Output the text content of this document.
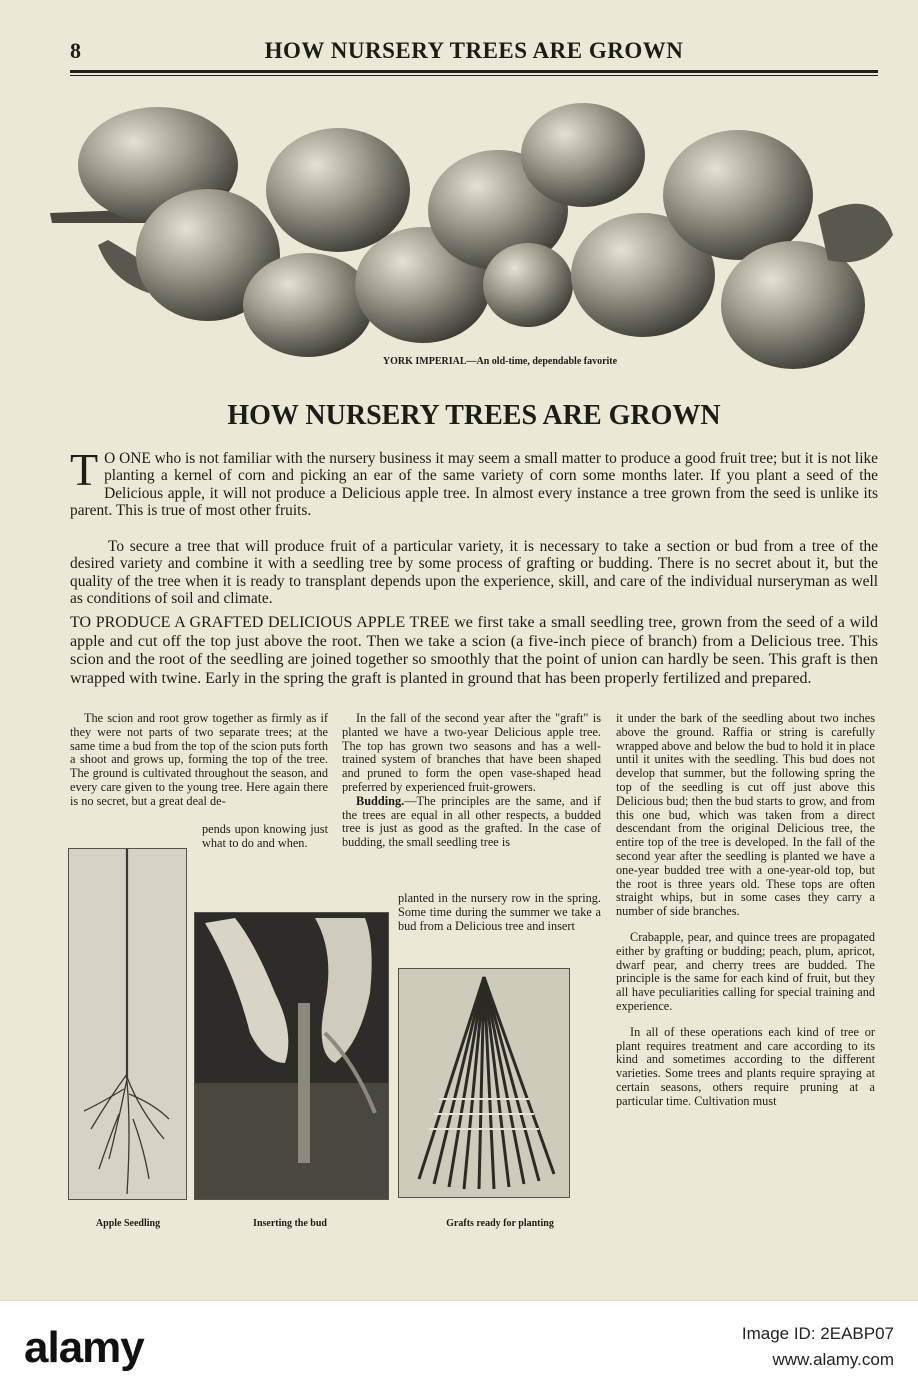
8	HOW NURSERY TREES ARE GROWN
YORK IMPERIAL—An old-time, dependable favorite
HOW NURSERY TREES ARE GROWN
T O ONE who is not familiar with the nursery business it may seem a small matter to produce a good fruit tree; but it is not like planting a kernel of corn and picking an ear of the same variety of corn some months later. If you plant a seed of the Delicious apple, it will not produce a Delicious apple tree. In almost every instance a tree grown from the seed is unlike its parent. This is true of most other fruits.
To secure a tree that will produce fruit of a particular variety, it is necessary to take a section or bud from a tree of the desired variety and combine it with a seedling tree by some process of grafting or budding. There is no secret about it, but the quality of the tree when it is ready to transplant depends upon the experience, skill, and care of the individual nurseryman as well as conditions of soil and climate.
TO PRODUCE A GRAFTED DELICIOUS APPLE TREE we first take a small seedling tree, grown from the seed of a wild apple and cut off the top just above the root. Then we take a scion (a five-inch piece of branch) from a Delicious tree. This scion and the root of the seedling are joined together so smoothly that the point of union can hardly be seen. This graft is then wrapped with twine. Early in the spring the graft is planted in ground that has been properly fertilized and prepared.
The scion and root grow together as firmly as if they were not parts of two separate trees; at the same time a bud from the top of the scion puts forth a shoot and grows up, forming the top of the tree. The ground is cultivated throughout the season, and every care given to the young tree. Here again there is no secret, but a great deal de-
pends upon knowing just what to do and when.
In the fall of the second year after the "graft" is planted we have a two-year Delicious apple tree. The top has grown two seasons and has a well-trained system of branches that have been shaped and pruned to form the open vase-shaped head preferred by experienced fruit-growers.
Budding.—The principles are the same, and if the trees are equal in all other respects, a budded tree is just as good as the grafted. In the case of budding, the small seedling tree is
planted in the nursery row in the spring. Some time during the summer we take a bud from a Delicious tree and insert

it under the bark of the seedling about two inches above the ground. Raffia or string is carefully wrapped above and below the bud to hold it in place until it unites with the seedling. This bud does not develop that summer, but the following spring the top of the seedling is cut off just above this Delicious bud; then the bud starts to grow, and from this one bud, which was taken from a direct descendant from the original Delicious tree, the entire top of the tree is developed. In the fall of the second year after the seedling is planted we have a one-year budded tree with a one-year-old top, but the root is three years old. These tops are often straight whips, but in some cases they carry a number of side branches.

Crabapple, pear, and quince trees are propagated either by grafting or budding; peach, plum, apricot, dwarf pear, and cherry trees are budded. The principle is the same for each kind of fruit, but they all have peculiarities calling for special training and experience.

In all of these operations each kind of tree or plant requires treatment and care according to its kind and sometimes according to the different varieties. Some trees and plants require spraying at certain seasons, others require pruning at a particular time. Cultivation must

Apple Seedling	Inserting the bud	Grafts ready for planting
alamy	Image ID: 2EABP07
www.alamy.com
